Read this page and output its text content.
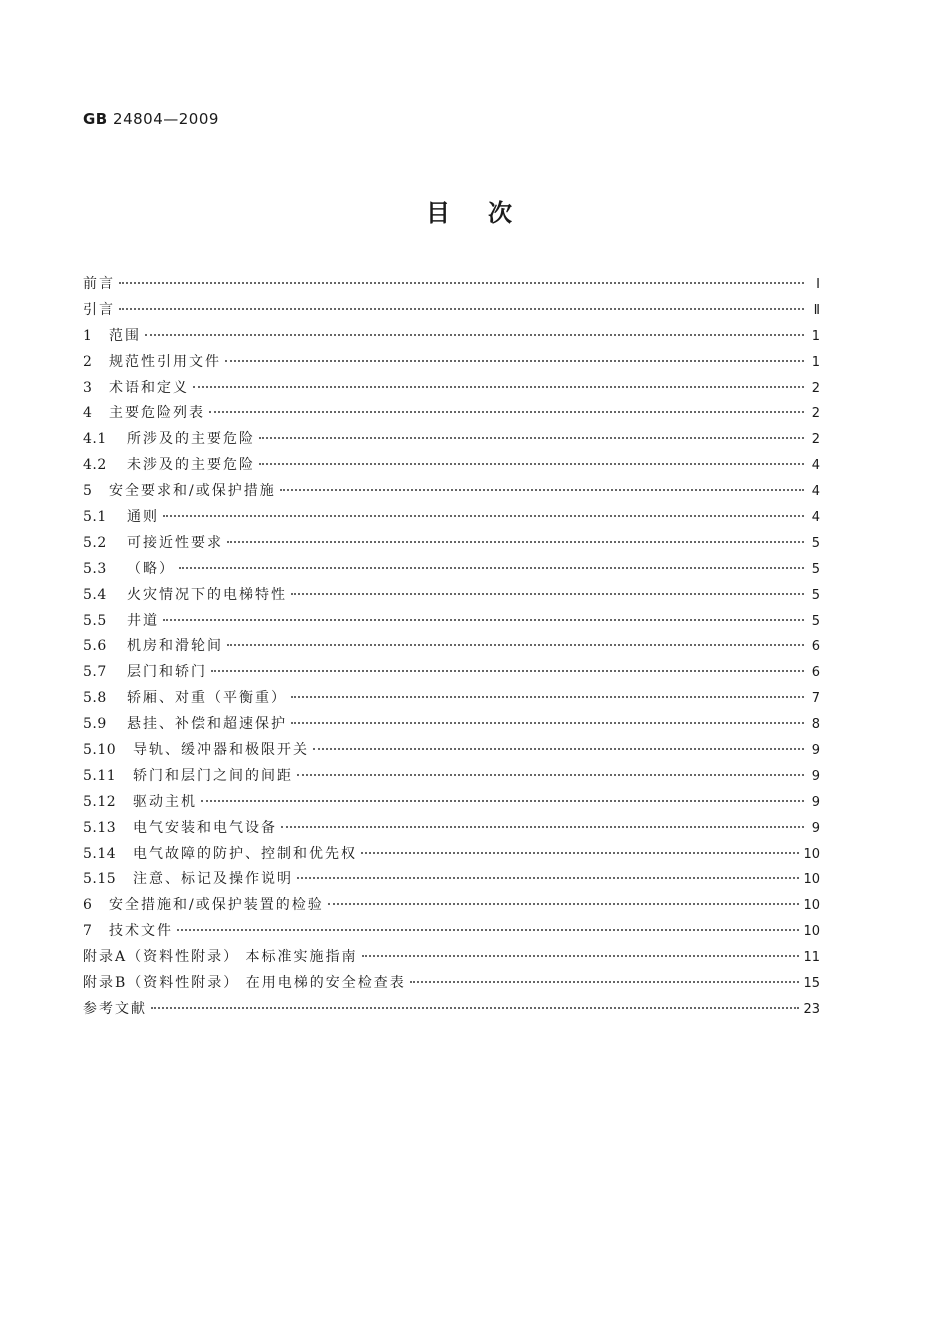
GB 24804—2009
目次
前言	Ⅰ
引言	Ⅱ
1	范围	1
2	规范性引用文件	1
3	术语和定义	2
4	主要危险列表	2
4.1	所涉及的主要危险	2
4.2	未涉及的主要危险	4
5	安全要求和/或保护措施	4
5.1	通则	4
5.2	可接近性要求	5
5.3	（略）	5
5.4	火灾情况下的电梯特性	5
5.5	井道	5
5.6	机房和滑轮间	6
5.7	层门和轿门	6
5.8	轿厢、对重（平衡重）	7
5.9	悬挂、补偿和超速保护	8
5.10	导轨、缓冲器和极限开关	9
5.11	轿门和层门之间的间距	9
5.12	驱动主机	9
5.13	电气安装和电气设备	9
5.14	电气故障的防护、控制和优先权	10
5.15	注意、标记及操作说明	10
6	安全措施和/或保护装置的检验	10
7	技术文件	10
附录A（资料性附录） 本标准实施指南	11
附录B（资料性附录） 在用电梯的安全检查表	15
参考文献	23
